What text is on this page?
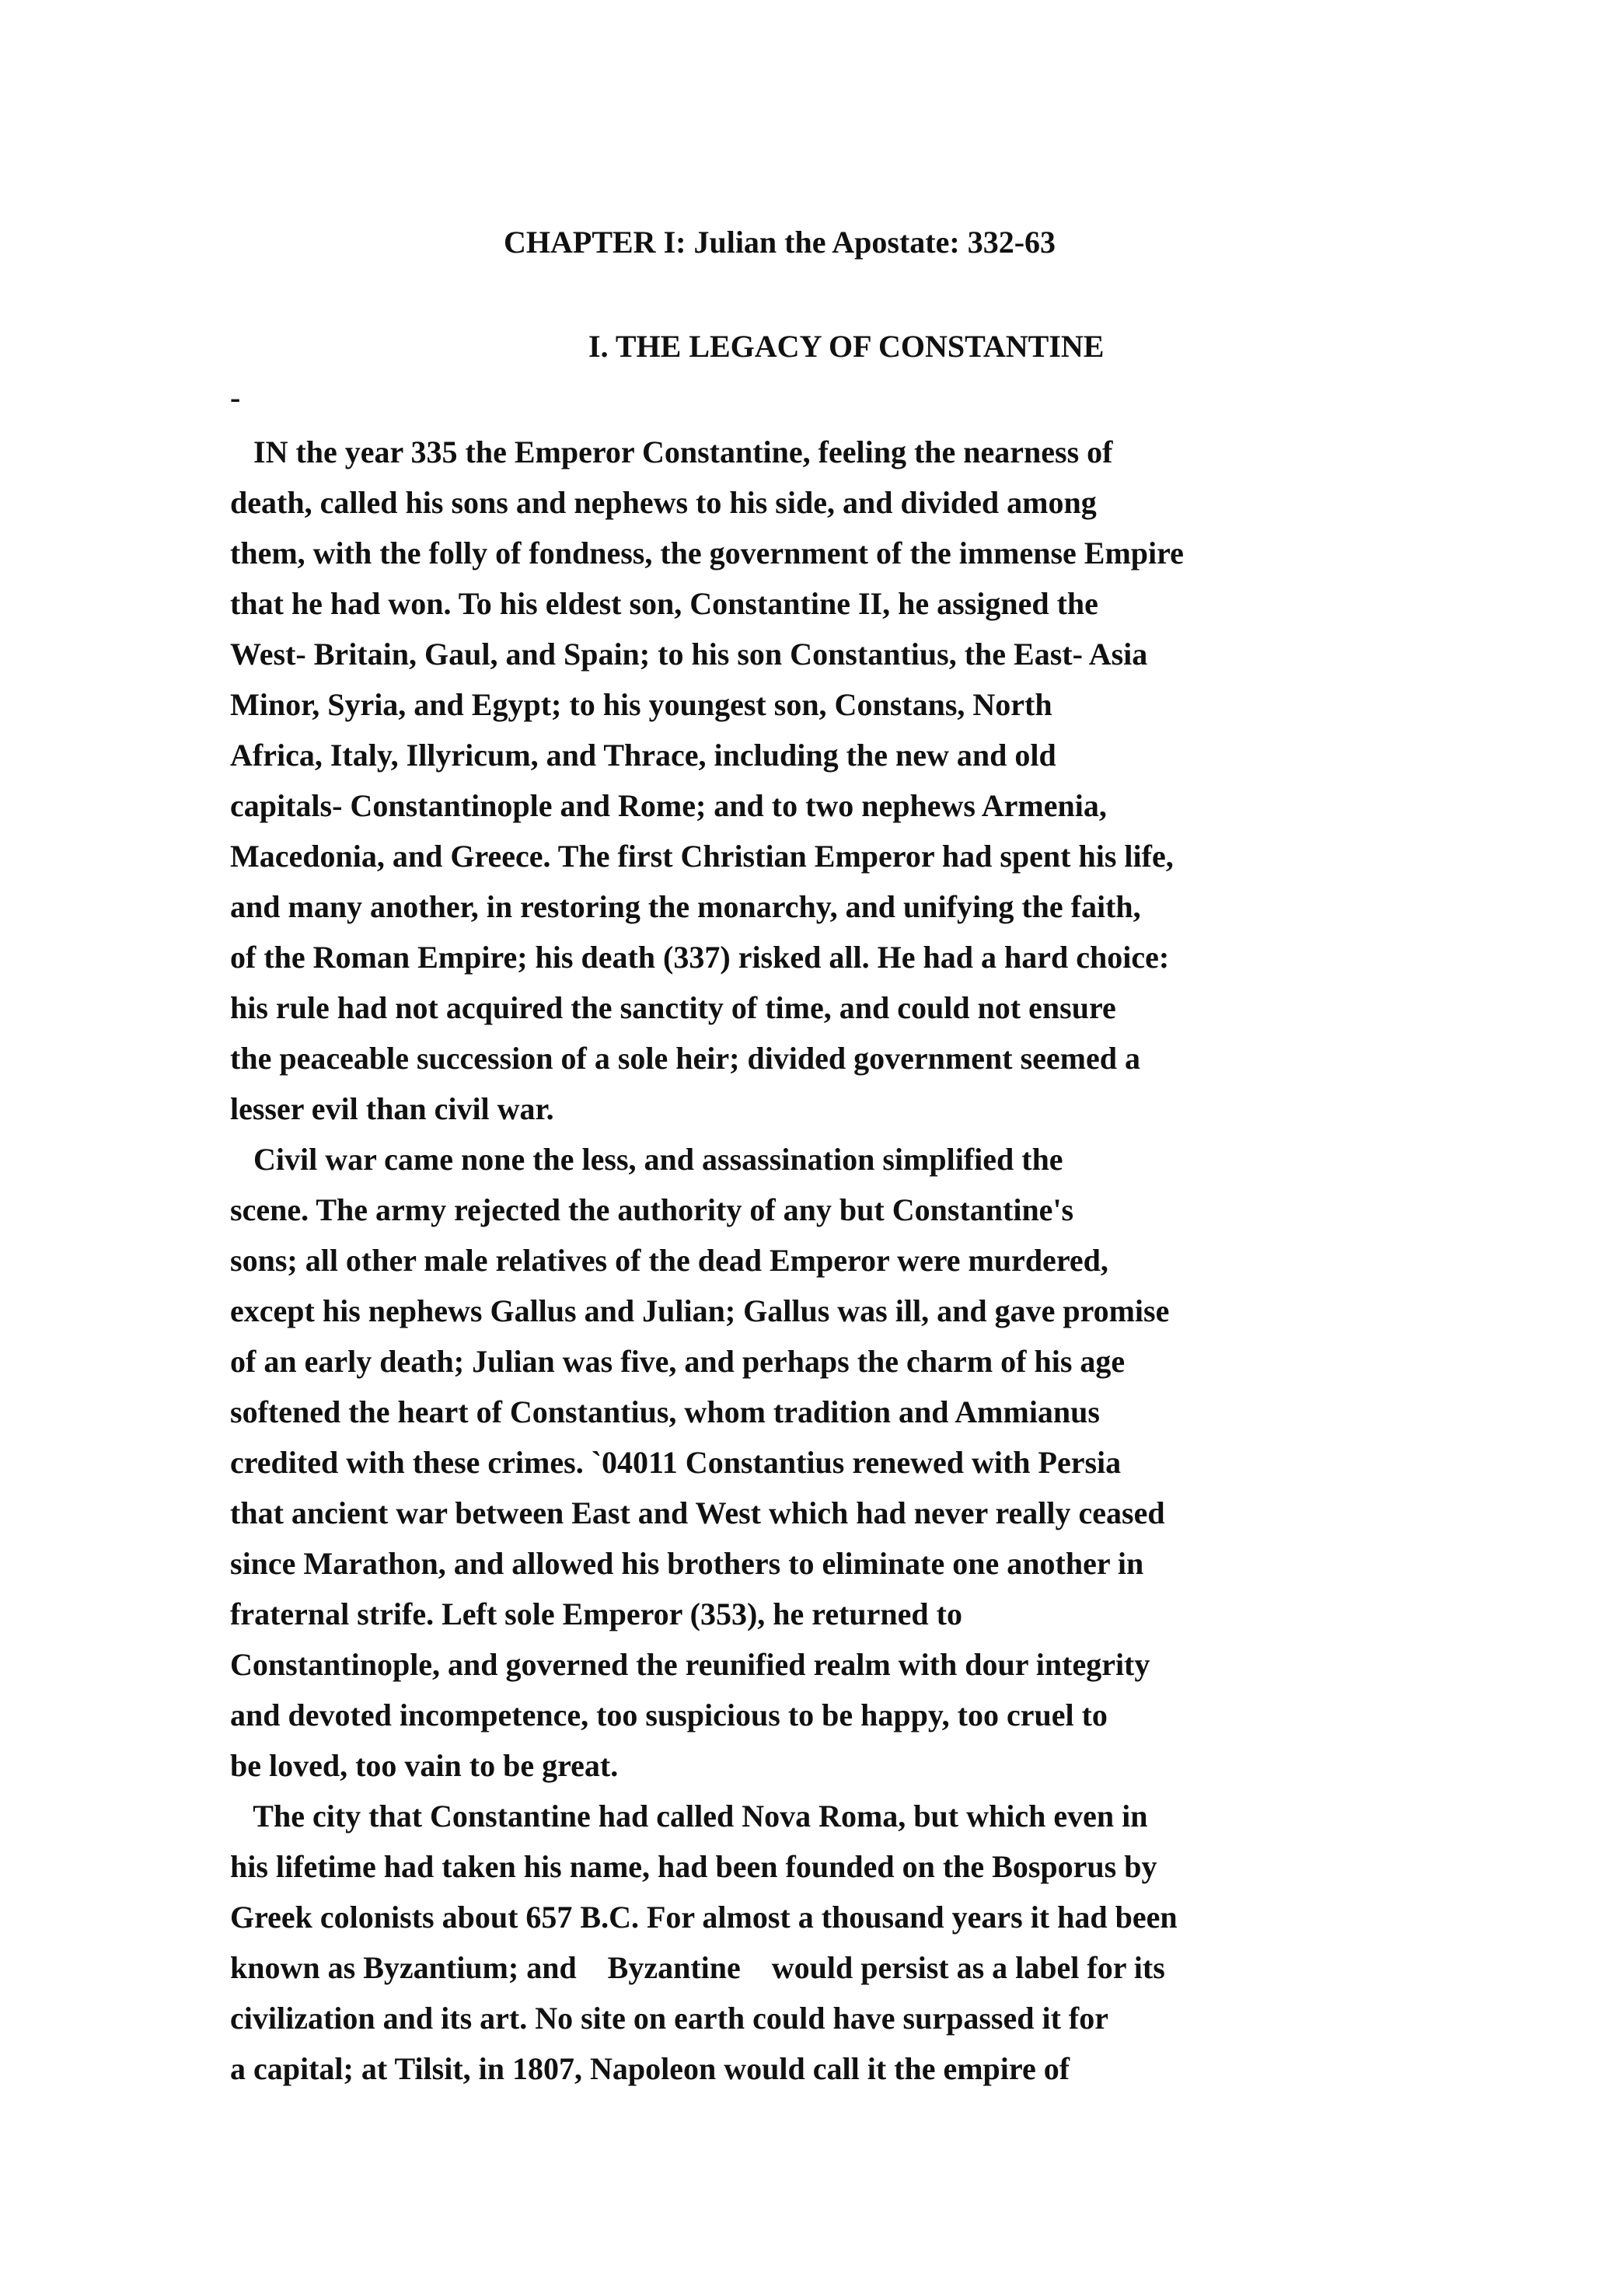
CHAPTER I: Julian the Apostate: 332-63
I. THE LEGACY OF CONSTANTINE
-
IN the year 335 the Emperor Constantine, feeling the nearness of
death, called his sons and nephews to his side, and divided among
them, with the folly of fondness, the government of the immense Empire
that he had won. To his eldest son, Constantine II, he assigned the
West- Britain, Gaul, and Spain; to his son Constantius, the East- Asia
Minor, Syria, and Egypt; to his youngest son, Constans, North
Africa, Italy, Illyricum, and Thrace, including the new and old
capitals- Constantinople and Rome; and to two nephews Armenia,
Macedonia, and Greece. The first Christian Emperor had spent his life,
and many another, in restoring the monarchy, and unifying the faith,
of the Roman Empire; his death (337) risked all. He had a hard choice:
his rule had not acquired the sanctity of time, and could not ensure
the peaceable succession of a sole heir; divided government seemed a
lesser evil than civil war.
Civil war came none the less, and assassination simplified the
scene. The army rejected the authority of any but Constantine's
sons; all other male relatives of the dead Emperor were murdered,
except his nephews Gallus and Julian; Gallus was ill, and gave promise
of an early death; Julian was five, and perhaps the charm of his age
softened the heart of Constantius, whom tradition and Ammianus
credited with these crimes. `04011 Constantius renewed with Persia
that ancient war between East and West which had never really ceased
since Marathon, and allowed his brothers to eliminate one another in
fraternal strife. Left sole Emperor (353), he returned to
Constantinople, and governed the reunified realm with dour integrity
and devoted incompetence, too suspicious to be happy, too cruel to
be loved, too vain to be great.
The city that Constantine had called Nova Roma, but which even in
his lifetime had taken his name, had been founded on the Bosporus by
Greek colonists about 657 B.C. For almost a thousand years it had been
known as Byzantium; and    Byzantine    would persist as a label for its
civilization and its art. No site on earth could have surpassed it for
a capital; at Tilsit, in 1807, Napoleon would call it the empire of
